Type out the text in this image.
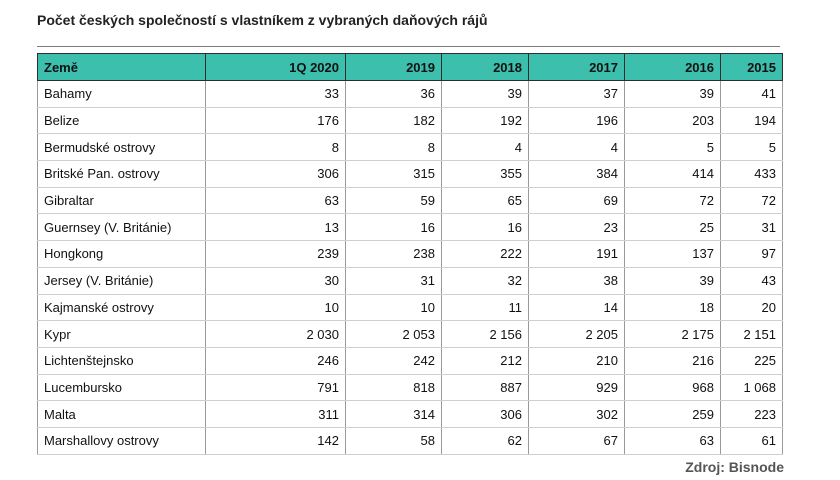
Počet českých společností s vlastníkem z vybraných daňových rájů
Země	1Q 2020	2019	2018	2017	2016	2015
Bahamy	33	36	39	37	39	41
Belize	176	182	192	196	203	194
Bermudské ostrovy	8	8	4	4	5	5
Britské Pan. ostrovy	306	315	355	384	414	433
Gibraltar	63	59	65	69	72	72
Guernsey (V. Británie)	13	16	16	23	25	31
Hongkong	239	238	222	191	137	97
Jersey (V. Británie)	30	31	32	38	39	43
Kajmanské ostrovy	10	10	11	14	18	20
Kypr	2 030	2 053	2 156	2 205	2 175	2 151
Lichtenštejnsko	246	242	212	210	216	225
Lucembursko	791	818	887	929	968	1 068
Malta	311	314	306	302	259	223
Marshallovy ostrovy	142	58	62	67	63	61
Zdroj: Bisnode
